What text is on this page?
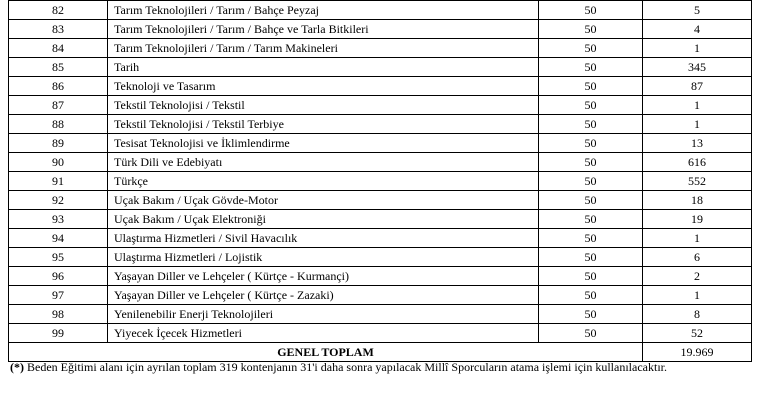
82	Tarım Teknolojileri / Tarım / Bahçe Peyzaj	50	5
83	Tarım Teknolojileri / Tarım / Bahçe ve Tarla Bitkileri	50	4
84	Tarım Teknolojileri / Tarım / Tarım Makineleri	50	1
85	Tarih	50	345
86	Teknoloji ve Tasarım	50	87
87	Tekstil Teknolojisi / Tekstil	50	1
88	Tekstil Teknolojisi / Tekstil Terbiye	50	1
89	Tesisat Teknolojisi ve İklimlendirme	50	13
90	Türk Dili ve Edebiyatı	50	616
91	Türkçe	50	552
92	Uçak Bakım / Uçak Gövde-Motor	50	18
93	Uçak Bakım / Uçak Elektroniği	50	19
94	Ulaştırma Hizmetleri / Sivil Havacılık	50	1
95	Ulaştırma Hizmetleri / Lojistik	50	6
96	Yaşayan Diller ve Lehçeler ( Kürtçe - Kurmançi)	50	2
97	Yaşayan Diller ve Lehçeler ( Kürtçe - Zazaki)	50	1
98	Yenilenebilir Enerji Teknolojileri	50	8
99	Yiyecek İçecek Hizmetleri	50	52
GENEL TOPLAM			19.969
(*) Beden Eğitimi alanı için ayrılan toplam 319 kontenjanın 31'i daha sonra yapılacak Millî Sporcuların atama işlemi için kullanılacaktır.
